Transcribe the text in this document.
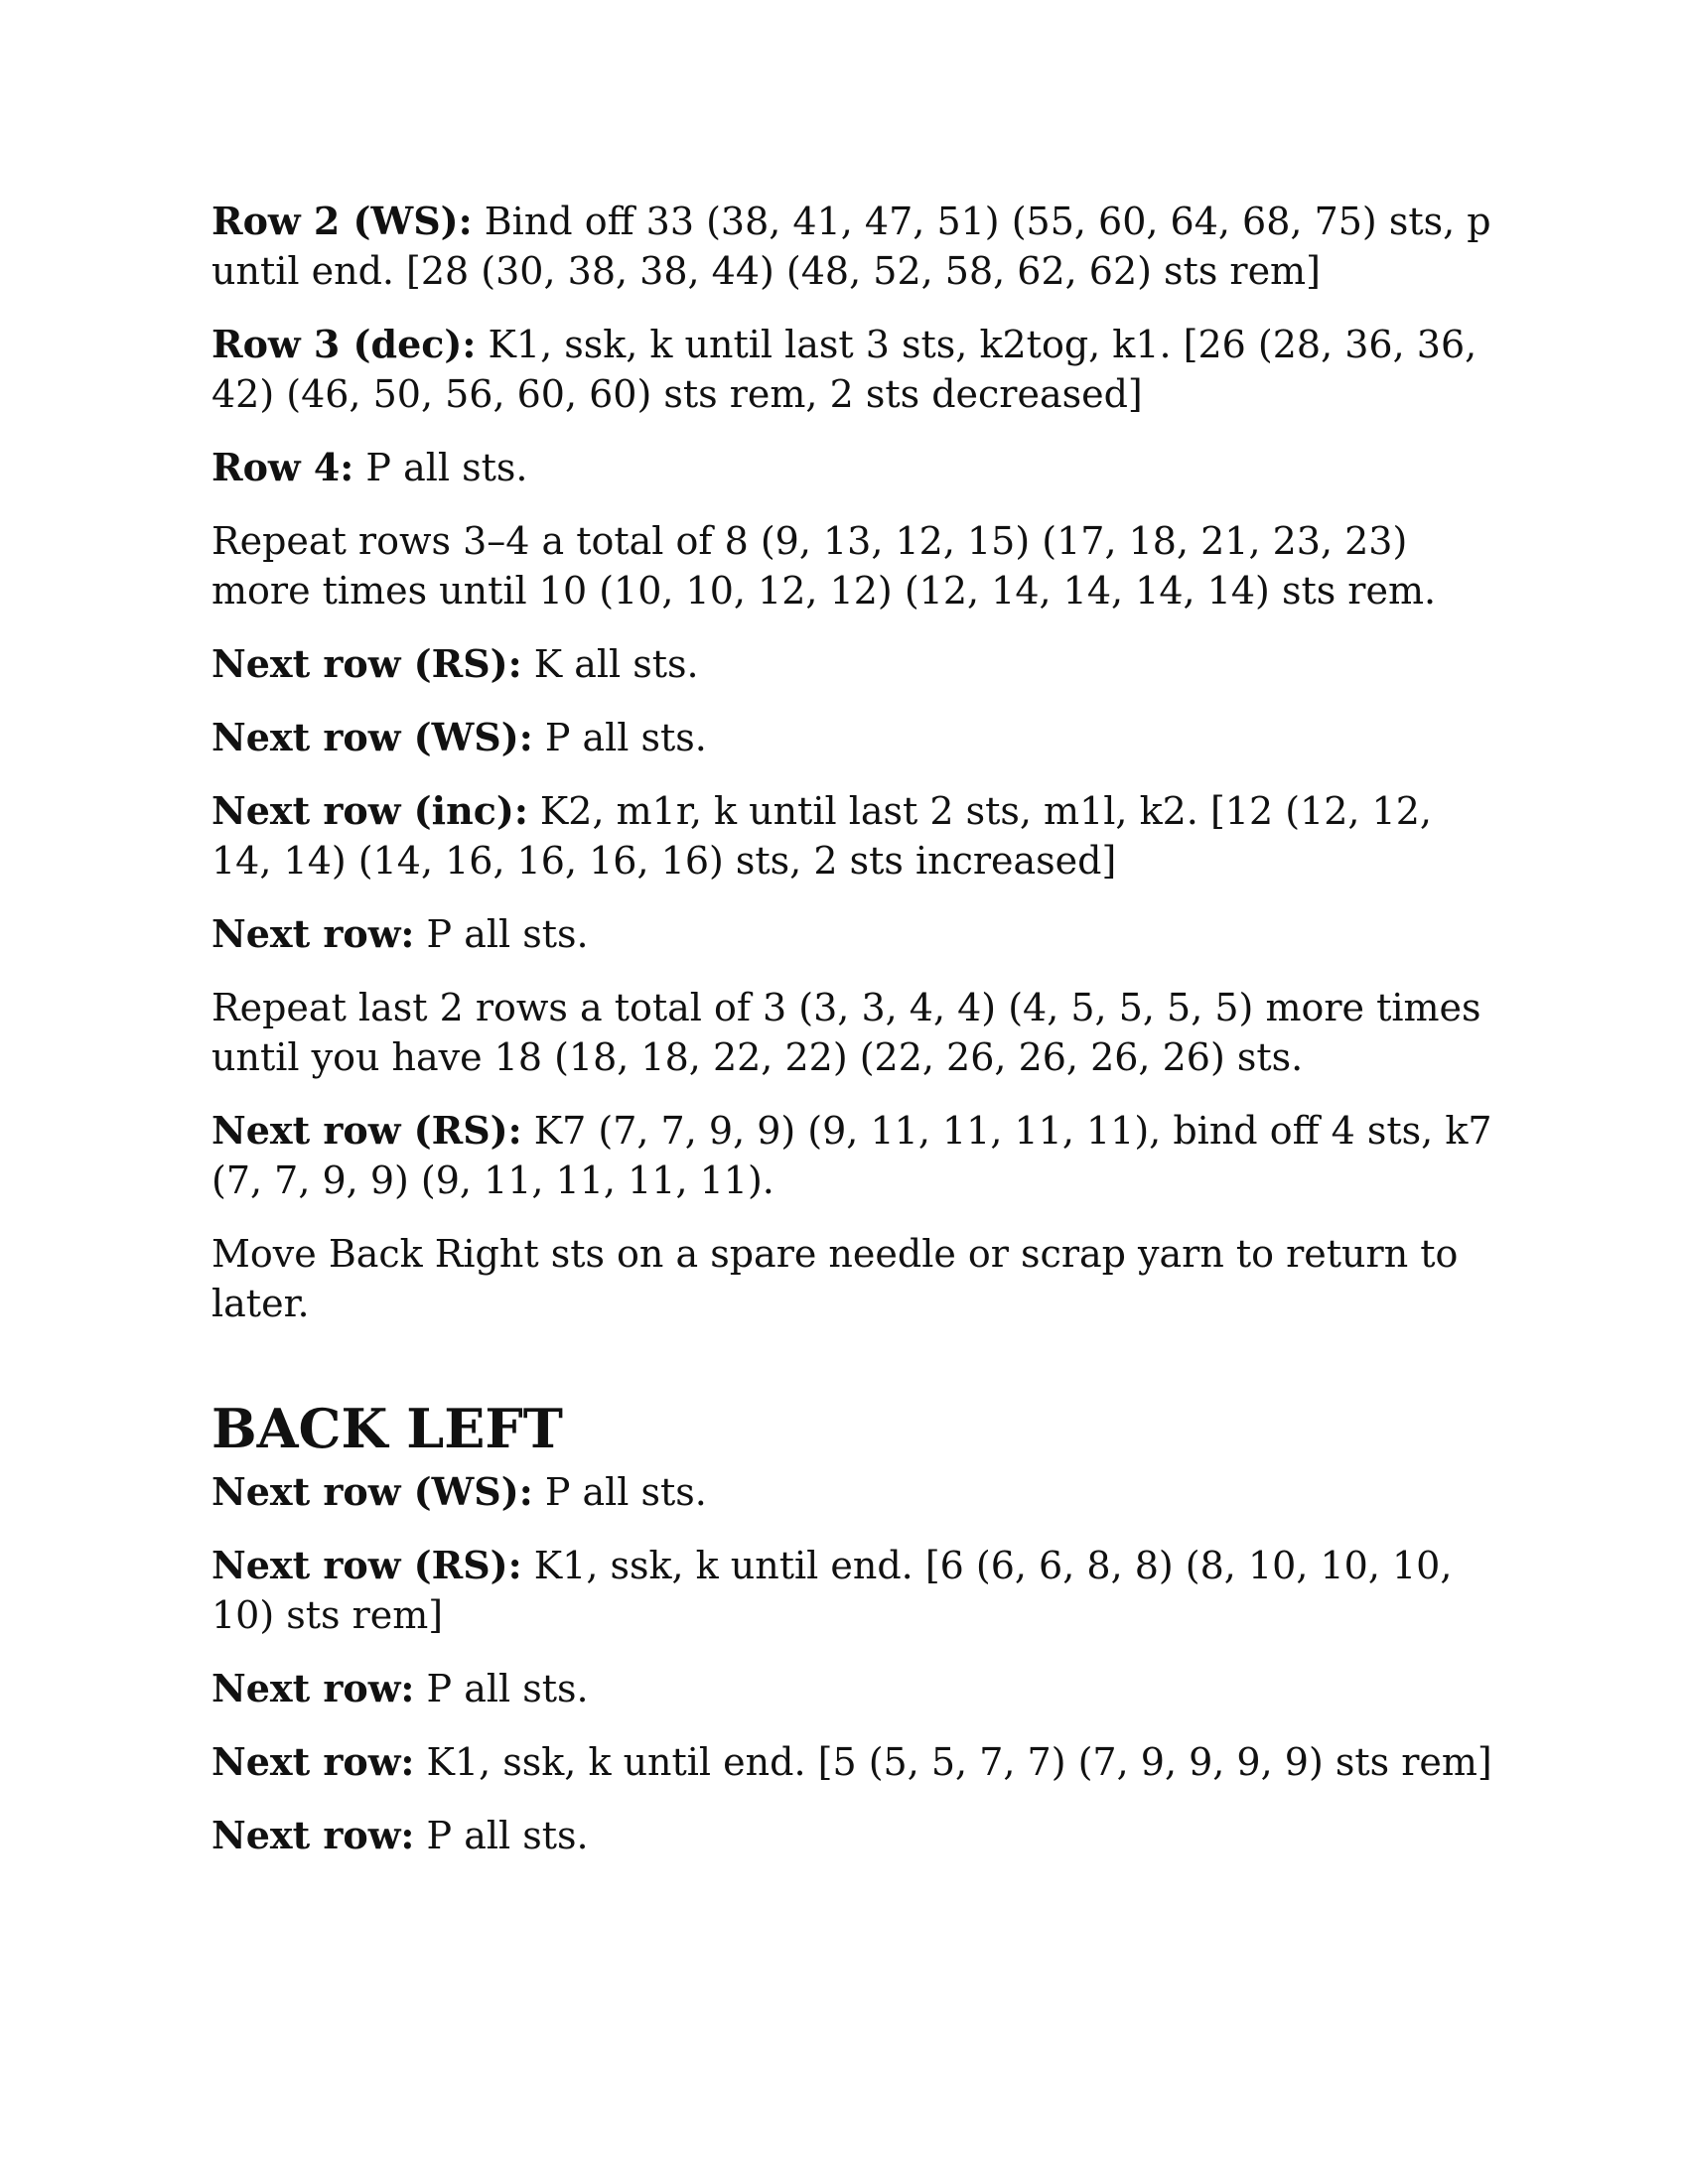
Row 2 (WS): Bind off 33 (38, 41, 47, 51) (55, 60, 64, 68, 75) sts, p until end. [28 (30, 38, 38, 44) (48, 52, 58, 62, 62) sts rem]

Row 3 (dec): K1, ssk, k until last 3 sts, k2tog, k1. [26 (28, 36, 36, 42) (46, 50, 56, 60, 60) sts rem, 2 sts decreased]

Row 4: P all sts.

Repeat rows 3–4 a total of 8 (9, 13, 12, 15) (17, 18, 21, 23, 23) more times until 10 (10, 10, 12, 12) (12, 14, 14, 14, 14) sts rem.

Next row (RS): K all sts.

Next row (WS): P all sts.

Next row (inc): K2, m1r, k until last 2 sts, m1l, k2. [12 (12, 12, 14, 14) (14, 16, 16, 16, 16) sts, 2 sts increased]

Next row: P all sts.

Repeat last 2 rows a total of 3 (3, 3, 4, 4) (4, 5, 5, 5, 5) more times until you have 18 (18, 18, 22, 22) (22, 26, 26, 26, 26) sts.

Next row (RS): K7 (7, 7, 9, 9) (9, 11, 11, 11, 11), bind off 4 sts, k7 (7, 7, 9, 9) (9, 11, 11, 11, 11).

Move Back Right sts on a spare needle or scrap yarn to return to later.

BACK LEFT

Next row (WS): P all sts.

Next row (RS): K1, ssk, k until end. [6 (6, 6, 8, 8) (8, 10, 10, 10, 10) sts rem]

Next row: P all sts.

Next row: K1, ssk, k until end. [5 (5, 5, 7, 7) (7, 9, 9, 9, 9) sts rem]

Next row: P all sts.
